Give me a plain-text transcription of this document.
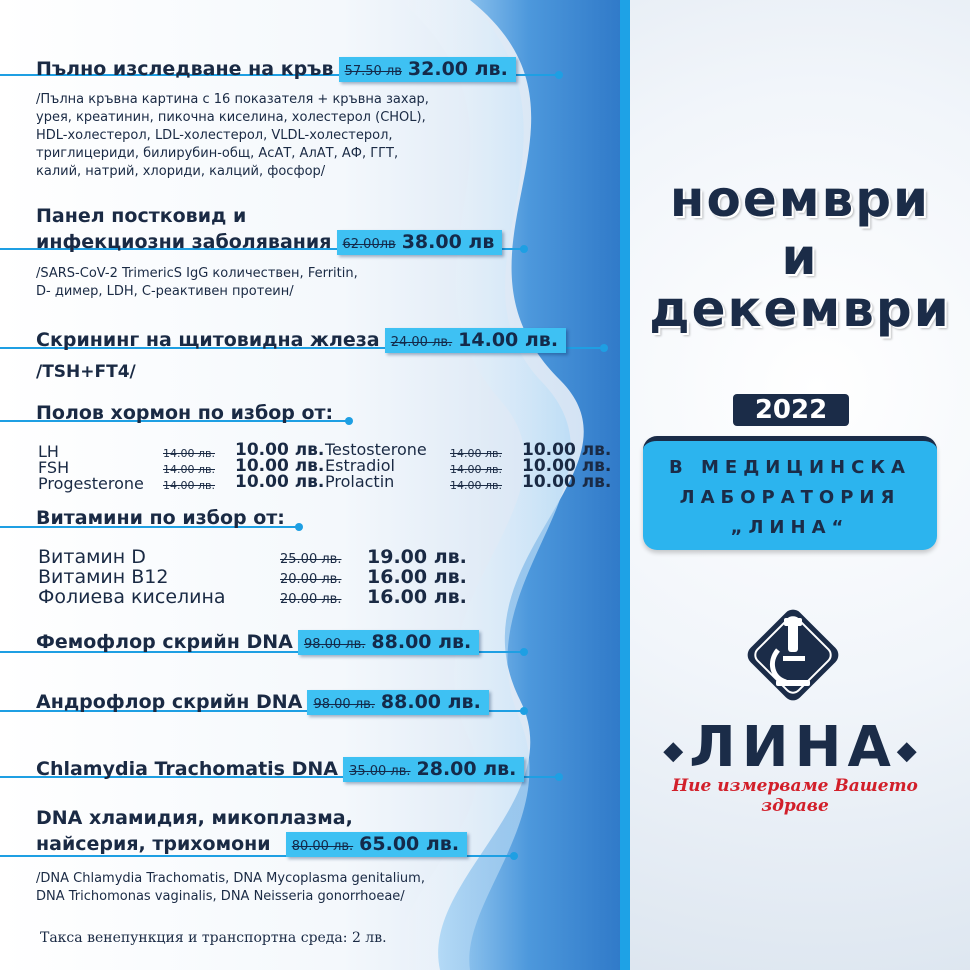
Пълно изследване на кръв 57.50 лв 32.00 лв.
/Пълна кръвна картина с 16 показателя + кръвна захар,
урея, креатинин, пикочна киселина, холестерол (CHOL),
HDL-холестерол, LDL-холестерол, VLDL-холестерол,
триглицериди, билирубин-общ, АсАТ, АлАТ, АФ, ГГТ,
калий, натрий, хлориди, калций, фосфор/
Панел постковид и
инфекциозни заболявания 62.00лв 38.00 лв
/SARS-CoV-2 TrimericS IgG количествен, Ferritin,
D- димер, LDH, C-реактивен протеин/
Скрининг на щитовидна жлеза 24.00 лв. 14.00 лв.
/TSH+FT4/
Полов хормон по избор от:
LH	14.00 лв. 10.00 лв.
FSH	14.00 лв. 10.00 лв.
Progesterone 14.00 лв. 10.00 лв.
Testosterone 14.00 лв. 10.00 лв.
Estradiol	14.00 лв. 10.00 лв.
Prolactin	14.00 лв. 10.00 лв.
Витамини по избор от:
Витамин D	25.00 лв. 19.00 лв.
Витамин B12	20.00 лв. 16.00 лв.
Фолиева киселина	20.00 лв. 16.00 лв.
Фемофлор скрийн DNA 98.00 лв. 88.00 лв.
Андрофлор скрийн DNA 98.00 лв. 88.00 лв.
Chlamydia Trachomatis DNA 35.00 лв. 28.00 лв.
DNA хламидия, микоплазма,
найсерия, трихомони 80.00 лв. 65.00 лв.
/DNA Chlamydia Trachomatis, DNA Mycoplasma genitalium,
DNA Trichomonas vaginalis, DNA Neisseria gonorrhoeae/
Такса венепункция и транспортна среда: 2 лв.
ноември
и
декември
2022
В МЕДИЦИНСКА
ЛАБОРАТОРИЯ
„ЛИНА“
◆ЛИНА◆
Ние измерваме Вашето здраве
